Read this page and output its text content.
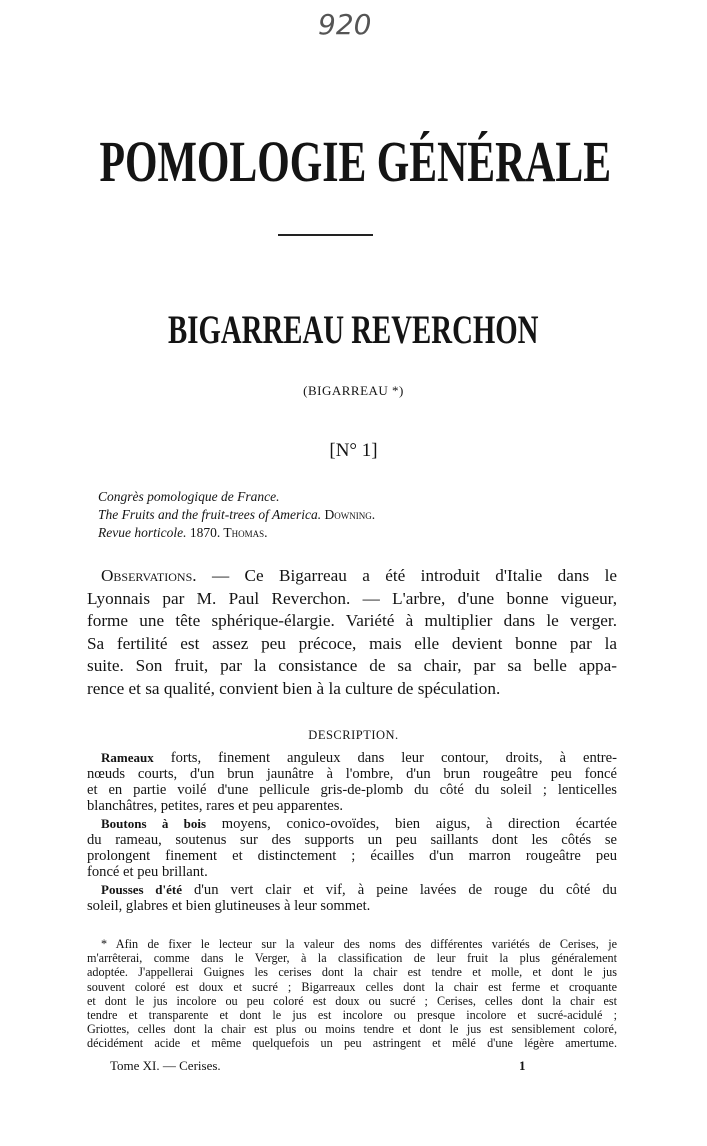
920
POMOLOGIE GÉNÉRALE
BIGARREAU REVERCHON
(BIGARREAU *)
[N° 1]
Congrès pomologique de France.
The Fruits and the fruit-trees of America. Downing.
Revue horticole. 1870. Thomas.
Observations. — Ce Bigarreau a été introduit d'Italie dans le
Lyonnais par M. Paul Reverchon. — L'arbre, d'une bonne vigueur,
forme une tête sphérique-élargie. Variété à multiplier dans le verger.
Sa fertilité est assez peu précoce, mais elle devient bonne par la
suite. Son fruit, par la consistance de sa chair, par sa belle appa-
rence et sa qualité, convient bien à la culture de spéculation.
DESCRIPTION.
Rameaux forts, finement anguleux dans leur contour, droits, à entre-
nœuds courts, d'un brun jaunâtre à l'ombre, d'un brun rougeâtre peu foncé
et en partie voilé d'une pellicule gris-de-plomb du côté du soleil ; lenticelles
blanchâtres, petites, rares et peu apparentes.
Boutons à bois moyens, conico-ovoïdes, bien aigus, à direction écartée
du rameau, soutenus sur des supports un peu saillants dont les côtés se
prolongent finement et distinctement ; écailles d'un marron rougeâtre peu
foncé et peu brillant.
Pousses d'été d'un vert clair et vif, à peine lavées de rouge du côté du
soleil, glabres et bien glutineuses à leur sommet.
* Afin de fixer le lecteur sur la valeur des noms des différentes variétés de Cerises, je
m'arrêterai, comme dans le Verger, à la classification de leur fruit la plus généralement
adoptée. J'appellerai Guignes les cerises dont la chair est tendre et molle, et dont le jus
souvent coloré est doux et sucré ; Bigarreaux celles dont la chair est ferme et croquante
et dont le jus incolore ou peu coloré est doux ou sucré ; Cerises, celles dont la chair est
tendre et transparente et dont le jus est incolore ou presque incolore et sucré-acidulé ;
Griottes, celles dont la chair est plus ou moins tendre et dont le jus est sensiblement coloré,
décidément acide et même quelquefois un peu astringent et mêlé d'une légère amertume.
Tome XI. — Cerises.	1
